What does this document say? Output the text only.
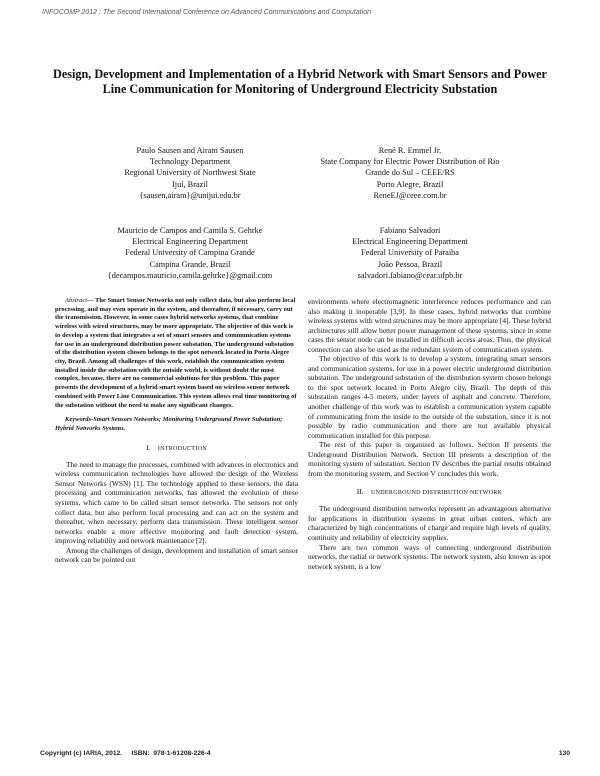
INFOCOMP 2012 : The Second International Conference on Advanced Communications and Computation
Design, Development and Implementation of a Hybrid Network with Smart Sensors and Power Line Communication for Monitoring of Underground Electricity Substation
Paulo Sausen and Airam Sausen
Technology Department
Regional University of Northwest State
Ijuí, Brazil
{sausen,airam}@unijui.edu.br
René R. Emmel Jr.
State Company for Electric Power Distribution of Rio
Grande do Sul – CEEE/RS
Porto Alegre, Brazil
ReneEJ@ceee.com.br
Mauricio de Campos and Camila S. Gehrke
Electrical Engineering Department
Federal University of Campina Grande
Campina Grande, Brazil
{decampos.mauricio,camila.gehrke}@gmail.com
Fabiano Salvadori
Electrical Engineering Department
Federal University of Paraiba
João Pessoa, Brazil
salvadori.fabiano@cear.ufpb.br

Abstract— The Smart Sensor Networks not only collect data, but also perform local processing, and may even operate in the system, and thereafter, if necessary, carry out the transmission. However, in some cases hybrid networks systems, that combine wireless with wired structures, may be more appropriate. The objective of this work is to develop a system that integrates a set of smart sensors and communication systems for use in an underground distribution power substation. The underground substation of the distribution system chosen belongs to the spot network located in Porto Alegre city, Brazil. Among all challenges of this work, establish the communication system installed inside the substation with the outside world, is without doubt the most complex, because, there are no commercial solutions for this problem. This paper presents the development of a hybrid smart system based on wireless sensor network combined with Power Line Communication. This system allows real time monitoring of the substation without the need to make any significant changes.

Keywords-Smart Sensors Networks; Monitoring Underground Power Substation; Hybrid Networks Systems.

I. INTRODUCTION

The need to manage the processes, combined with advances in electronics and wireless communication technologies have allowed the design of the Wireless Sensor Networks (WSN) [1]. The technology applied to these sensors, the data processing and communication networks, has allowed the evolution of these systems, which came to be called smart sensor networks. The sensors not only collect data, but also perform local processing and can act on the system and thereafter, when necessary, perform data transmission. These intelligent sensor networks enable a more effective monitoring and fault detection system, improving reliability and network maintenance [2].

Among the challenges of design, development and installation of smart sensor network can be pointed out

environments where electromagnetic interference reduces performance and can also making it inoperable [3,9]. In these cases, hybrid networks that combine wireless systems with wired structures may be more appropriate [4]. These hybrid architectures still allow better power management of these systems, since in some cases the sensor node can be installed in difficult access areas. Thus, the physical connection can also be used as the redundant system of communication system.

The objective of this work is to develop a system, integrating smart sensors and communication systems, for use in a power electric underground distribution substation. The underground substation of the distribution system chosen belongs to the spot network located in Porto Alegre city, Brazil. The depth of this substation ranges 4-5 meters, under layers of asphalt and concrete. Therefore, another challenge of this work was to establish a communication system capable of communicating from the inside to the outside of the substation, since it is not possible by radio communication and there are not available physical communication installed for this purpose.

The rest of this paper is organized as follows. Section II presents the Underground Distribution Network. Section III presents a description of the monitoring system of substation. Section IV describes the partial results obtained from the monitoring system, and Section V concludes this work.

II. UNDERGROUND DISTRIBUTION NETWORK

The underground distribution networks represent an advantageous alternative for applications in distribution systems in great urban centers, which are characterized by high concentrations of charge and require high levels of quality, continuity and reliability of electricity supplies.

There are two common ways of connecting underground distribution networks, the radial or network systems. The network system, also known as spot network system, is a low

Copyright (c) IARIA, 2012.     ISBN:  978-1-61208-226-4	130
